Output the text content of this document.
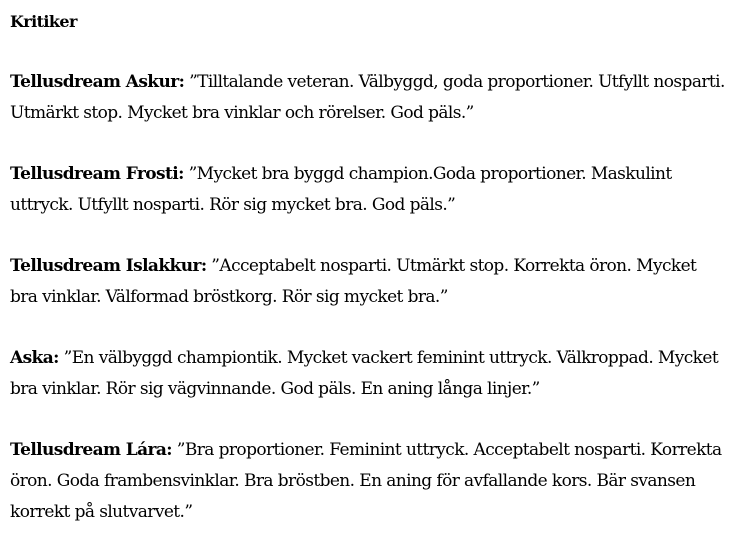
Kritiker

Tellusdream Askur: ”Tilltalande veteran. Välbyggd, goda proportioner. Utfyllt nosparti. Utmärkt stop. Mycket bra vinklar och rörelser. God päls.”

Tellusdream Frosti: ”Mycket bra byggd champion.Goda proportioner. Maskulint uttryck. Utfyllt nosparti. Rör sig mycket bra. God päls.”

Tellusdream Islakkur: ”Acceptabelt nosparti. Utmärkt stop. Korrekta öron. Mycket bra vinklar. Välformad bröstkorg. Rör sig mycket bra.”

Aska: ”En välbyggd championtik. Mycket vackert feminint uttryck. Välkroppad. Mycket bra vinklar. Rör sig vägvinnande. God päls. En aning långa linjer.”

Tellusdream Lára: ”Bra proportioner. Feminint uttryck. Acceptabelt nosparti. Korrekta öron. Goda frambensvinklar. Bra bröstben. En aning för avfallande kors. Bär svansen korrekt på slutvarvet.”
